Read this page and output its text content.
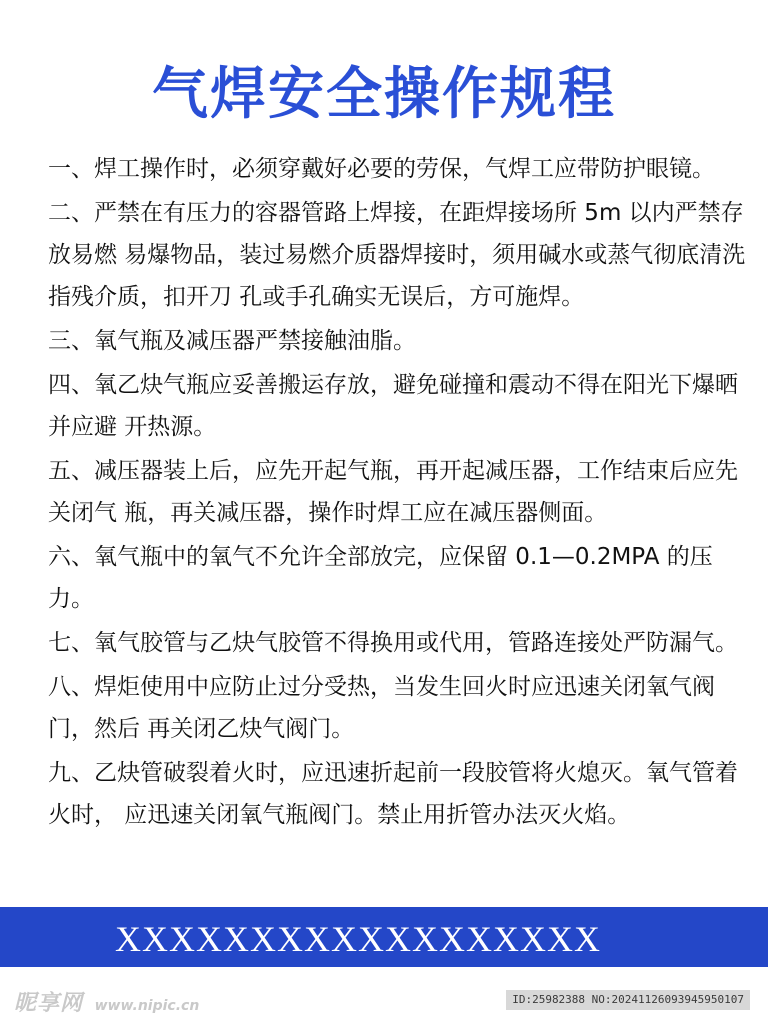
气焊安全操作规程
一、焊工操作时，必须穿戴好必要的劳保，气焊工应带防护眼镜。
二、严禁在有压力的容器管路上焊接，在距焊接场所 5m 以内严禁存放易燃 易爆物品，装过易燃介质器焊接时，须用碱水或蒸气彻底清洗指残介质，扣开刀 孔或手孔确实无误后，方可施焊。
三、氧气瓶及减压器严禁接触油脂。
四、氧乙炔气瓶应妥善搬运存放，避免碰撞和震动不得在阳光下爆晒并应避 开热源。
五、减压器装上后，应先开起气瓶，再开起减压器，工作结束后应先关闭气 瓶，再关减压器，操作时焊工应在减压器侧面。
六、氧气瓶中的氧气不允许全部放完，应保留 0.1—0.2MPA 的压力。
七、氧气胶管与乙炔气胶管不得换用或代用，管路连接处严防漏气。
八、焊炬使用中应防止过分受热，当发生回火时应迅速关闭氧气阀门，然后 再关闭乙炔气阀门。
九、乙炔管破裂着火时，应迅速折起前一段胶管将火熄灭。氧气管着火时， 应迅速关闭氧气瓶阀门。禁止用折管办法灭火焰。
XXXXXXXXXXXXXXXXXX
昵享网 www.nipic.cn	ID:25982388 NO:20241126093945950107
